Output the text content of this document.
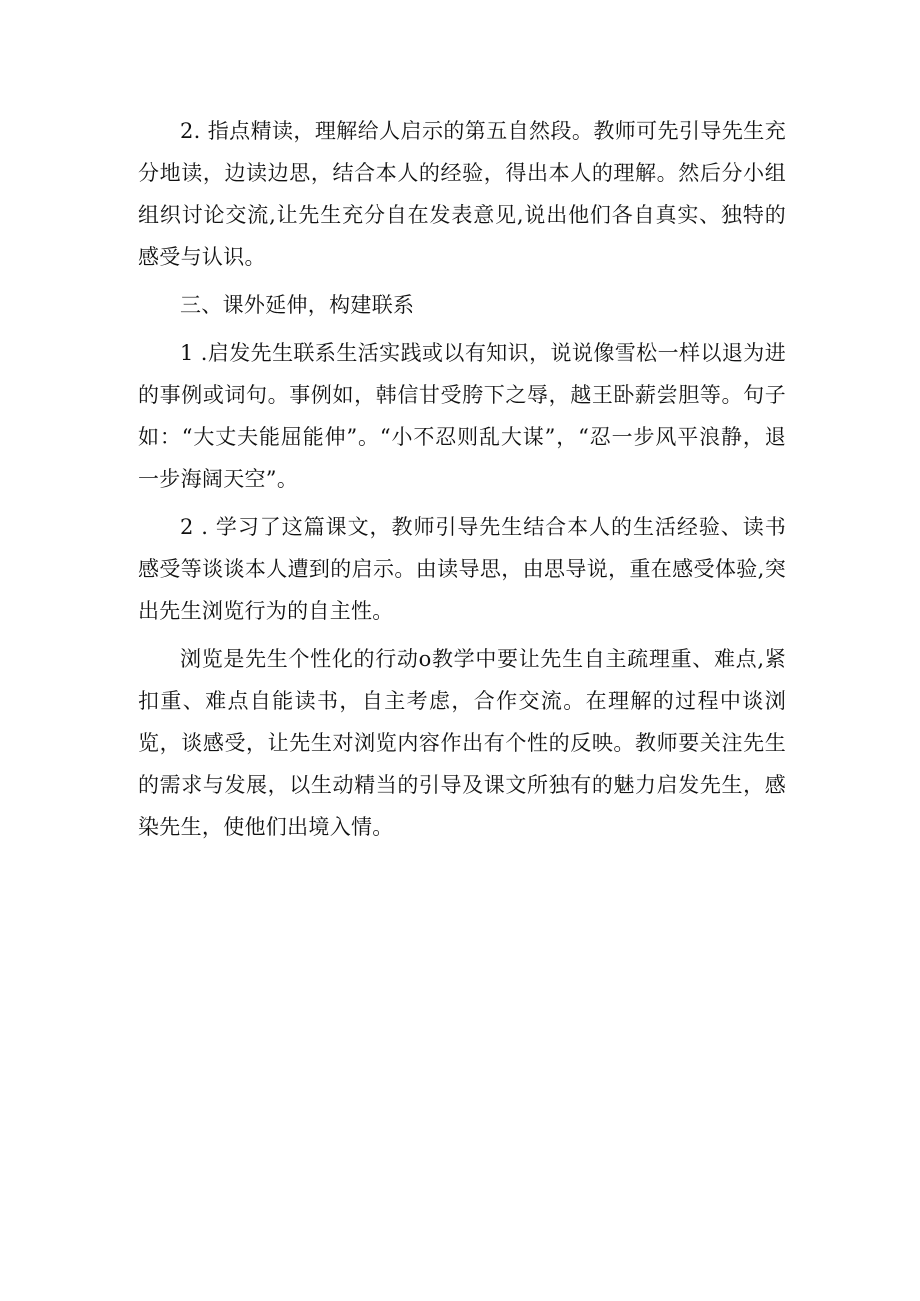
2. 指点精读，理解给人启示的第五自然段。教师可先引导先生充分地读，边读边思，结合本人的经验，得出本人的理解。然后分小组组织讨论交流,让先生充分自在发表意见,说出他们各自真实、独特的感受与认识。

三、课外延伸，构建联系

1 .启发先生联系生活实践或以有知识，说说像雪松一样以退为进的事例或词句。事例如，韩信甘受胯下之辱，越王卧薪尝胆等。句子如：“大丈夫能屈能伸”。“小不忍则乱大谋”，“忍一步风平浪静，退一步海阔天空”。

2 . 学习了这篇课文，教师引导先生结合本人的生活经验、读书感受等谈谈本人遭到的启示。由读导思，由思导说，重在感受体验,突出先生浏览行为的自主性。

浏览是先生个性化的行动o教学中要让先生自主疏理重、难点,紧扣重、难点自能读书，自主考虑，合作交流。在理解的过程中谈浏览，谈感受，让先生对浏览内容作出有个性的反映。教师要关注先生的需求与发展，以生动精当的引导及课文所独有的魅力启发先生，感染先生，使他们出境入情。
